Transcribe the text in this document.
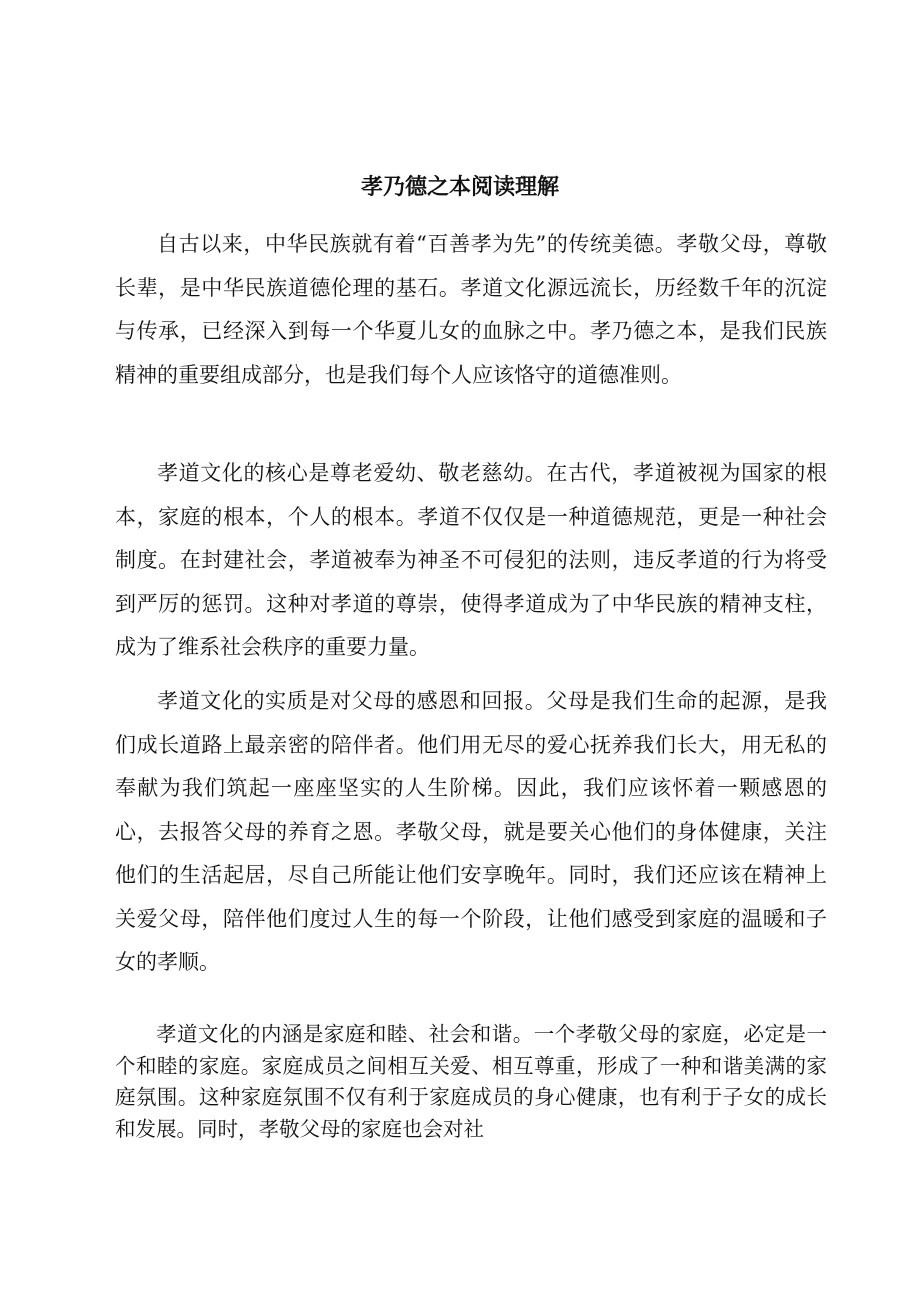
孝乃德之本阅读理解

自古以来，中华民族就有着“百善孝为先”的传统美德。孝敬父母，尊敬长辈，是中华民族道德伦理的基石。孝道文化源远流长，历经数千年的沉淀与传承，已经深入到每一个华夏儿女的血脉之中。孝乃德之本，是我们民族精神的重要组成部分，也是我们每个人应该恪守的道德准则。

孝道文化的核心是尊老爱幼、敬老慈幼。在古代，孝道被视为国家的根本，家庭的根本，个人的根本。孝道不仅仅是一种道德规范，更是一种社会制度。在封建社会，孝道被奉为神圣不可侵犯的法则，违反孝道的行为将受到严厉的惩罚。这种对孝道的尊崇，使得孝道成为了中华民族的精神支柱，成为了维系社会秩序的重要力量。

孝道文化的实质是对父母的感恩和回报。父母是我们生命的起源，是我们成长道路上最亲密的陪伴者。他们用无尽的爱心抚养我们长大，用无私的奉献为我们筑起一座座坚实的人生阶梯。因此，我们应该怀着一颗感恩的心，去报答父母的养育之恩。孝敬父母，就是要关心他们的身体健康，关注他们的生活起居，尽自己所能让他们安享晚年。同时，我们还应该在精神上关爱父母，陪伴他们度过人生的每一个阶段，让他们感受到家庭的温暖和子女的孝顺。

孝道文化的内涵是家庭和睦、社会和谐。一个孝敬父母的家庭，必定是一个和睦的家庭。家庭成员之间相互关爱、相互尊重，形成了一种和谐美满的家庭氛围。这种家庭氛围不仅有利于家庭成员的身心健康，也有利于子女的成长和发展。同时，孝敬父母的家庭也会对社
